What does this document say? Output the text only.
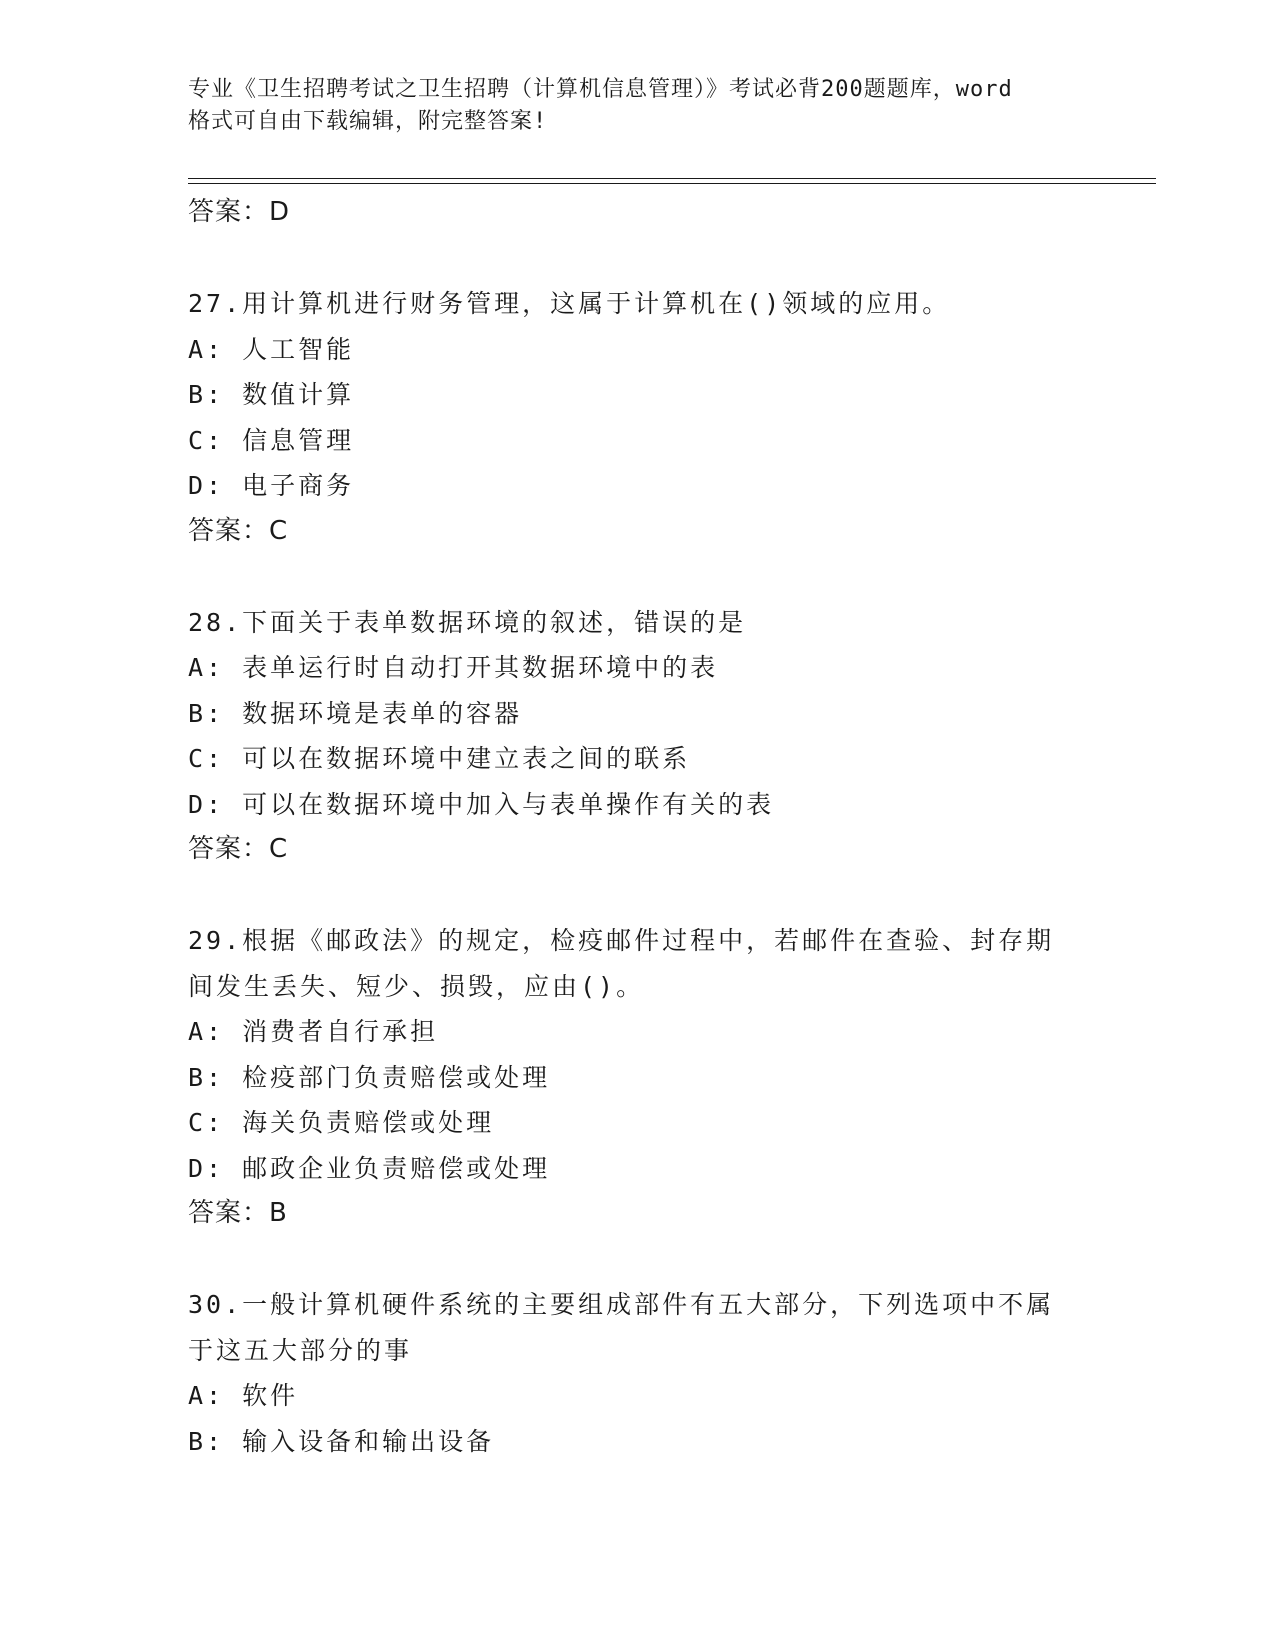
专业《卫生招聘考试之卫生招聘（计算机信息管理）》考试必背200题题库，word
格式可自由下载编辑，附完整答案!
答案：D
27.用计算机进行财务管理，这属于计算机在()领域的应用。
A: 人工智能
B: 数值计算
C: 信息管理
D: 电子商务
答案：C
28.下面关于表单数据环境的叙述，错误的是
A: 表单运行时自动打开其数据环境中的表
B: 数据环境是表单的容器
C: 可以在数据环境中建立表之间的联系
D: 可以在数据环境中加入与表单操作有关的表
答案：C
29.根据《邮政法》的规定，检疫邮件过程中，若邮件在查验、封存期
间发生丢失、短少、损毁，应由()。
A: 消费者自行承担
B: 检疫部门负责赔偿或处理
C: 海关负责赔偿或处理
D: 邮政企业负责赔偿或处理
答案：B
30.一般计算机硬件系统的主要组成部件有五大部分，下列选项中不属
于这五大部分的事
A: 软件
B: 输入设备和输出设备
